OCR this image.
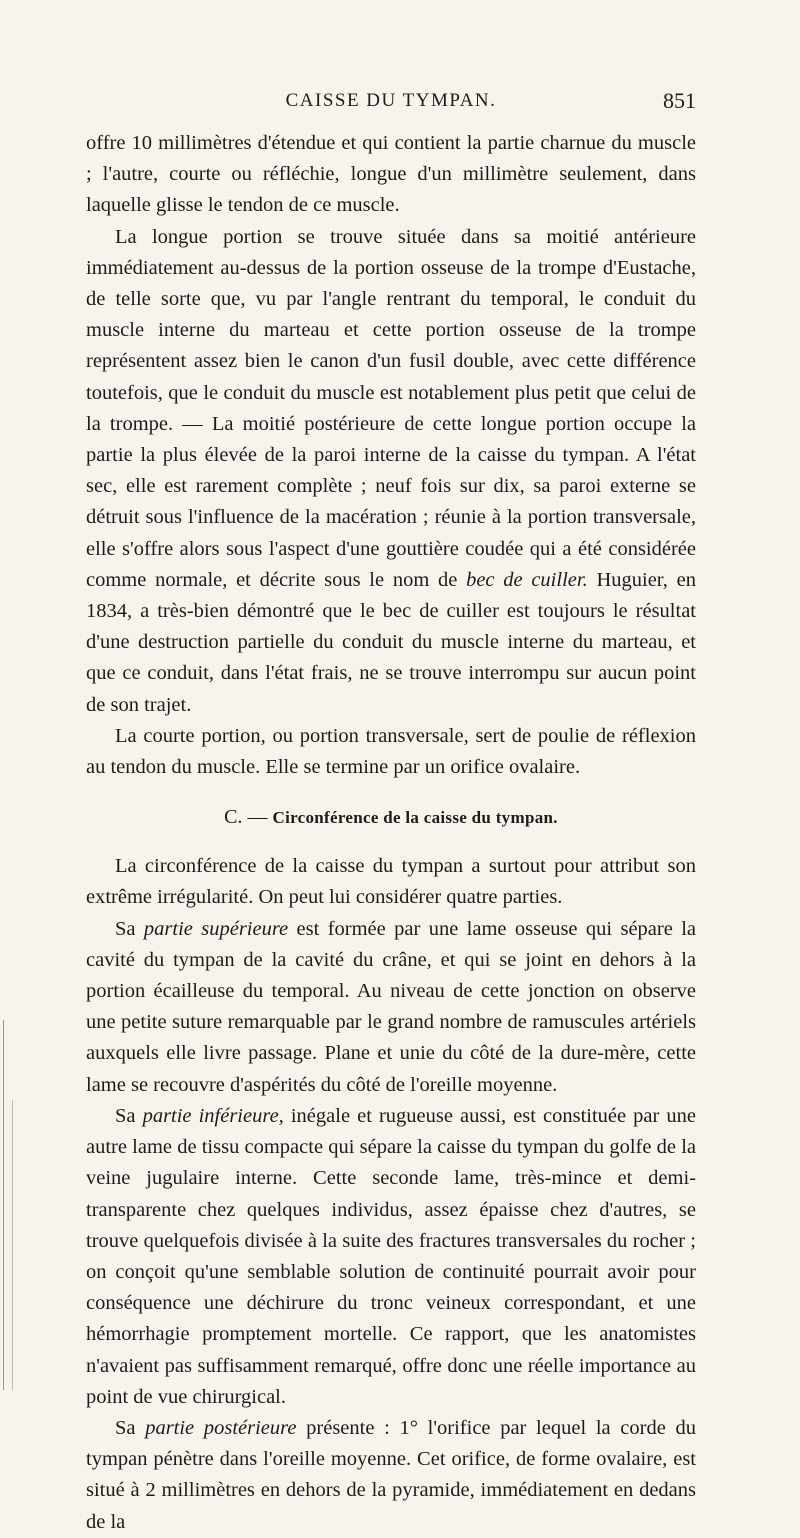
CAISSE DU TYMPAN.	851

offre 10 millimètres d'étendue et qui contient la partie charnue du muscle ; l'autre, courte ou réfléchie, longue d'un millimètre seulement, dans laquelle glisse le tendon de ce muscle.

La longue portion se trouve située dans sa moitié antérieure immédiatement au-dessus de la portion osseuse de la trompe d'Eustache, de telle sorte que, vu par l'angle rentrant du temporal, le conduit du muscle interne du marteau et cette portion osseuse de la trompe représentent assez bien le canon d'un fusil double, avec cette différence toutefois, que le conduit du muscle est notablement plus petit que celui de la trompe. — La moitié postérieure de cette longue portion occupe la partie la plus élevée de la paroi interne de la caisse du tympan. A l'état sec, elle est rarement complète ; neuf fois sur dix, sa paroi externe se détruit sous l'influence de la macération ; réunie à la portion transversale, elle s'offre alors sous l'aspect d'une gouttière coudée qui a été considérée comme normale, et décrite sous le nom de bec de cuiller. Huguier, en 1834, a très-bien démontré que le bec de cuiller est toujours le résultat d'une destruction partielle du conduit du muscle interne du marteau, et que ce conduit, dans l'état frais, ne se trouve interrompu sur aucun point de son trajet.

La courte portion, ou portion transversale, sert de poulie de réflexion au tendon du muscle. Elle se termine par un orifice ovalaire.

C. — Circonférence de la caisse du tympan.

La circonférence de la caisse du tympan a surtout pour attribut son extrême irrégularité. On peut lui considérer quatre parties.

Sa partie supérieure est formée par une lame osseuse qui sépare la cavité du tympan de la cavité du crâne, et qui se joint en dehors à la portion écailleuse du temporal. Au niveau de cette jonction on observe une petite suture remarquable par le grand nombre de ramuscules artériels auxquels elle livre passage. Plane et unie du côté de la dure-mère, cette lame se recouvre d'aspérités du côté de l'oreille moyenne.

Sa partie inférieure, inégale et rugueuse aussi, est constituée par une autre lame de tissu compacte qui sépare la caisse du tympan du golfe de la veine jugulaire interne. Cette seconde lame, très-mince et demi-transparente chez quelques individus, assez épaisse chez d'autres, se trouve quelquefois divisée à la suite des fractures transversales du rocher ; on conçoit qu'une semblable solution de continuité pourrait avoir pour conséquence une déchirure du tronc veineux correspondant, et une hémorrhagie promptement mortelle. Ce rapport, que les anatomistes n'avaient pas suffisamment remarqué, offre donc une réelle importance au point de vue chirurgical.

Sa partie postérieure présente : 1° l'orifice par lequel la corde du tympan pénètre dans l'oreille moyenne. Cet orifice, de forme ovalaire, est situé à 2 millimètres en dehors de la pyramide, immédiatement en dedans de la
